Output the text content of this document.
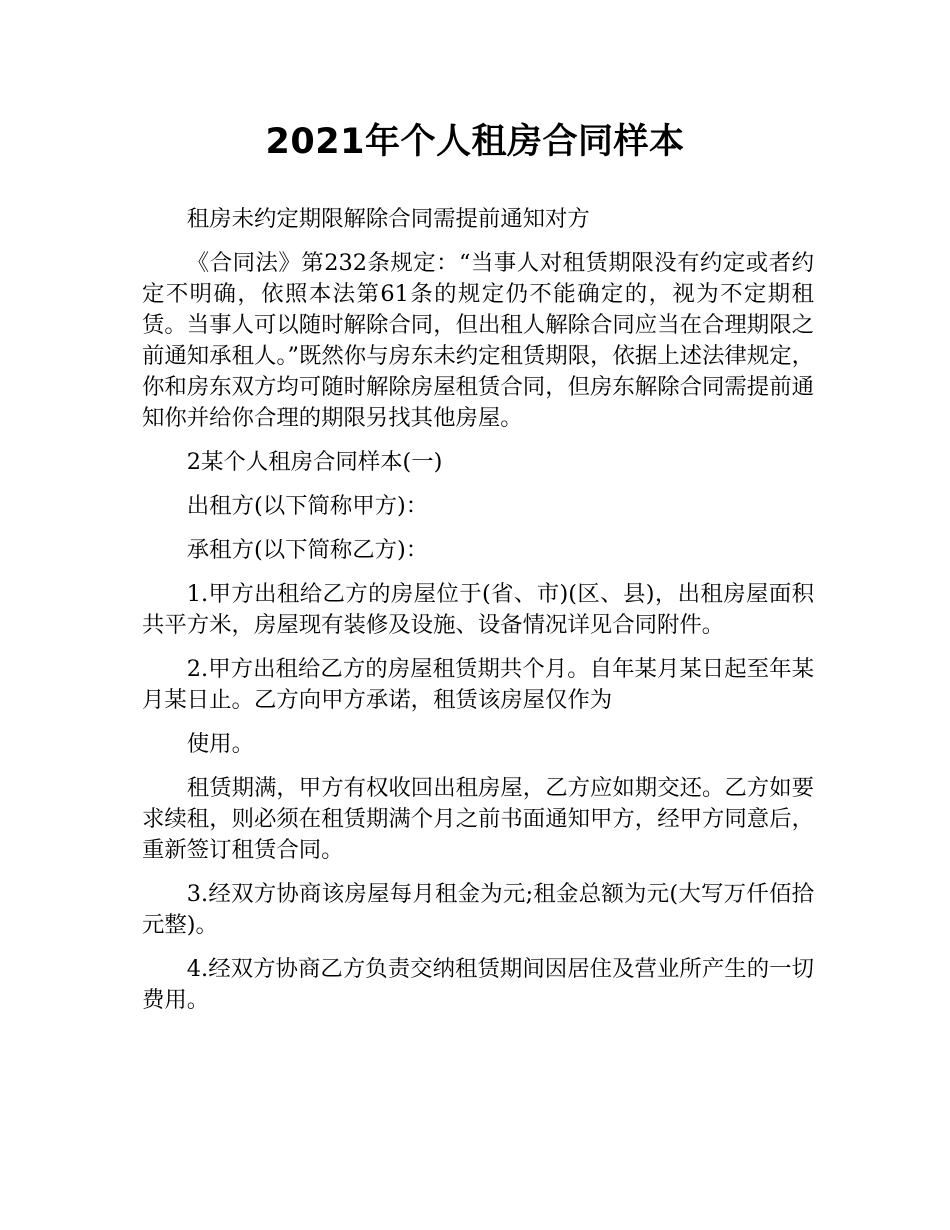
2021年个人租房合同样本

租房未约定期限解除合同需提前通知对方

《合同法》第232条规定：“当事人对租赁期限没有约定或者约定不明确，依照本法第61条的规定仍不能确定的，视为不定期租赁。当事人可以随时解除合同，但出租人解除合同应当在合理期限之前通知承租人。”既然你与房东未约定租赁期限，依据上述法律规定，你和房东双方均可随时解除房屋租赁合同，但房东解除合同需提前通知你并给你合理的期限另找其他房屋。

2某个人租房合同样本(一)

出租方(以下简称甲方)：

承租方(以下简称乙方)：

1.甲方出租给乙方的房屋位于(省、市)(区、县)，出租房屋面积共平方米，房屋现有装修及设施、设备情况详见合同附件。

2.甲方出租给乙方的房屋租赁期共个月。自年某月某日起至年某月某日止。乙方向甲方承诺，租赁该房屋仅作为

使用。

租赁期满，甲方有权收回出租房屋，乙方应如期交还。乙方如要求续租，则必须在租赁期满个月之前书面通知甲方，经甲方同意后，重新签订租赁合同。

3.经双方协商该房屋每月租金为元;租金总额为元(大写万仟佰拾元整)。

4.经双方协商乙方负责交纳租赁期间因居住及营业所产生的一切费用。
